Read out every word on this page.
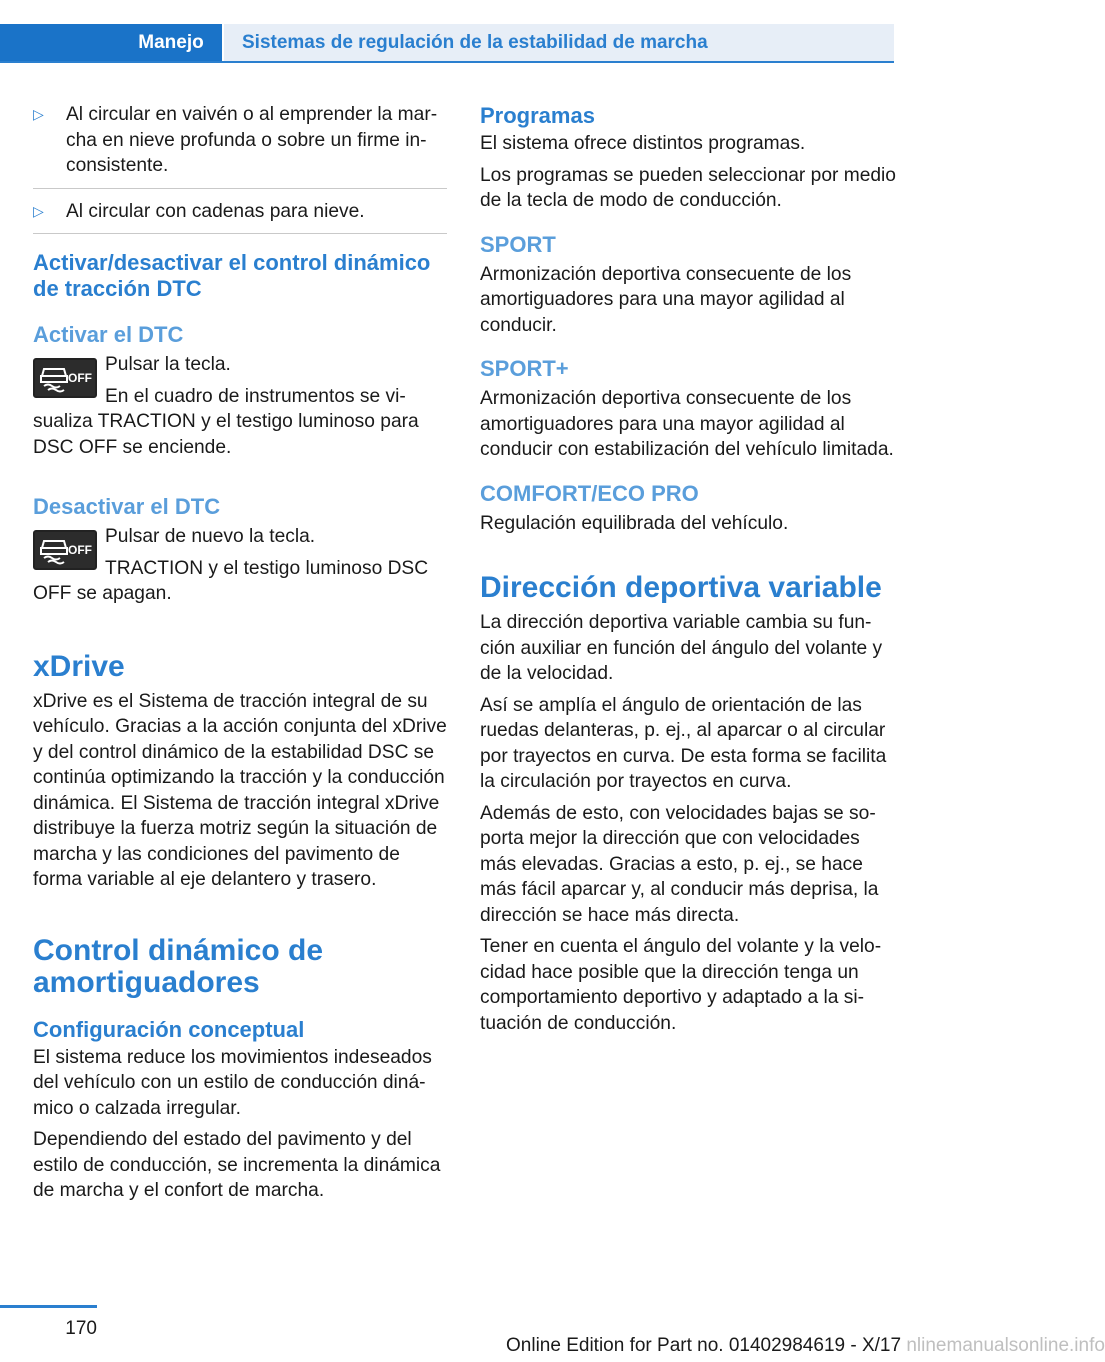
Manejo	Sistemas de regulación de la estabilidad de marcha
▷ Al circular en vaivén o al emprender la marcha en nieve profunda o sobre un firme inconsistente.
▷ Al circular con cadenas para nieve.
Activar/desactivar el control dinámico de tracción DTC
Activar el DTC
OFF

Pulsar la tecla.

En el cuadro de instrumentos se visualiza TRACTION y el testigo luminoso para DSC OFF se enciende.

Desactivar el DTC
OFF

Pulsar de nuevo la tecla.

TRACTION y el testigo luminoso DSC OFF se apagan.

xDrive

xDrive es el Sistema de tracción integral de su vehículo. Gracias a la acción conjunta del xDrive y del control dinámico de la estabilidad DSC se continúa optimizando la tracción y la conducción dinámica. El Sistema de tracción integral xDrive distribuye la fuerza motriz según la situación de marcha y las condiciones del pavimento de forma variable al eje delantero y trasero.

Control dinámico de amortiguadores
Configuración conceptual

El sistema reduce los movimientos indeseados del vehículo con un estilo de conducción dinámico o calzada irregular.

Dependiendo del estado del pavimento y del estilo de conducción, se incrementa la dinámica de marcha y el confort de marcha.

Programas

El sistema ofrece distintos programas.

Los programas se pueden seleccionar por medio de la tecla de modo de conducción.

SPORT

Armonización deportiva consecuente de los amortiguadores para una mayor agilidad al conducir.

SPORT+

Armonización deportiva consecuente de los amortiguadores para una mayor agilidad al conducir con estabilización del vehículo limitada.

COMFORT/ECO PRO

Regulación equilibrada del vehículo.

Dirección deportiva variable

La dirección deportiva variable cambia su función auxiliar en función del ángulo del volante y de la velocidad.

Así se amplía el ángulo de orientación de las ruedas delanteras, p. ej., al aparcar o al circular por trayectos en curva. De esta forma se facilita la circulación por trayectos en curva.

Además de esto, con velocidades bajas se soporta mejor la dirección que con velocidades más elevadas. Gracias a esto, p. ej., se hace más fácil aparcar y, al conducir más deprisa, la dirección se hace más directa.

Tener en cuenta el ángulo del volante y la velocidad hace posible que la dirección tenga un comportamiento deportivo y adaptado a la situación de conducción.

170
Online Edition for Part no. 01402984619 - X/17 nlinemanualsonline.info
